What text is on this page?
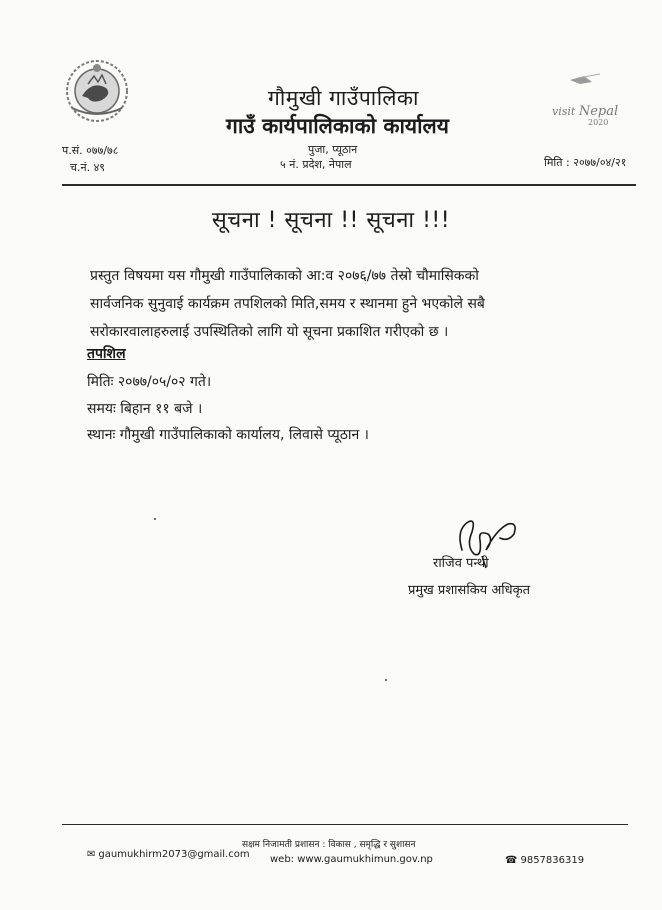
गौमुखी गाउँपालिका
गाउँ कार्यपालिकाको कार्यालय
पुजा, प्यूठान
५ नं. प्रदेश, नेपाल
प.सं. ०७७/७८
च.नं. ४९
visit Nepal
2020
मिति : २०७७/०४/२१
सूचना ! सूचना !! सूचना !!!
प्रस्तुत विषयमा यस गौमुखी गाउँपालिकाको आ:व २०७६/७७ तेस्रो चौमासिकको
सार्वजनिक सुनुवाई कार्यक्रम तपशिलको मिति,समय र स्थानमा हुने भएकोले सबै
सरोकारवालाहरुलाई उपस्थितिको लागि यो सूचना प्रकाशित गरीएको छ ।
तपशिल
मितिः २०७७/०५/०२ गते।
समयः बिहान ११ बजे ।
स्थानः गौमुखी गाउँपालिकाको कार्यालय, लिवासे प्यूठान ।
राजिव पन्थी
प्रमुख प्रशासकिय अधिकृत
सक्षम निजामती प्रशासन : विकास , समृद्धि र सुशासन
web: www.gaumukhimun.gov.np
✉ gaumukhirm2073@gmail.com
☎ 9857836319
